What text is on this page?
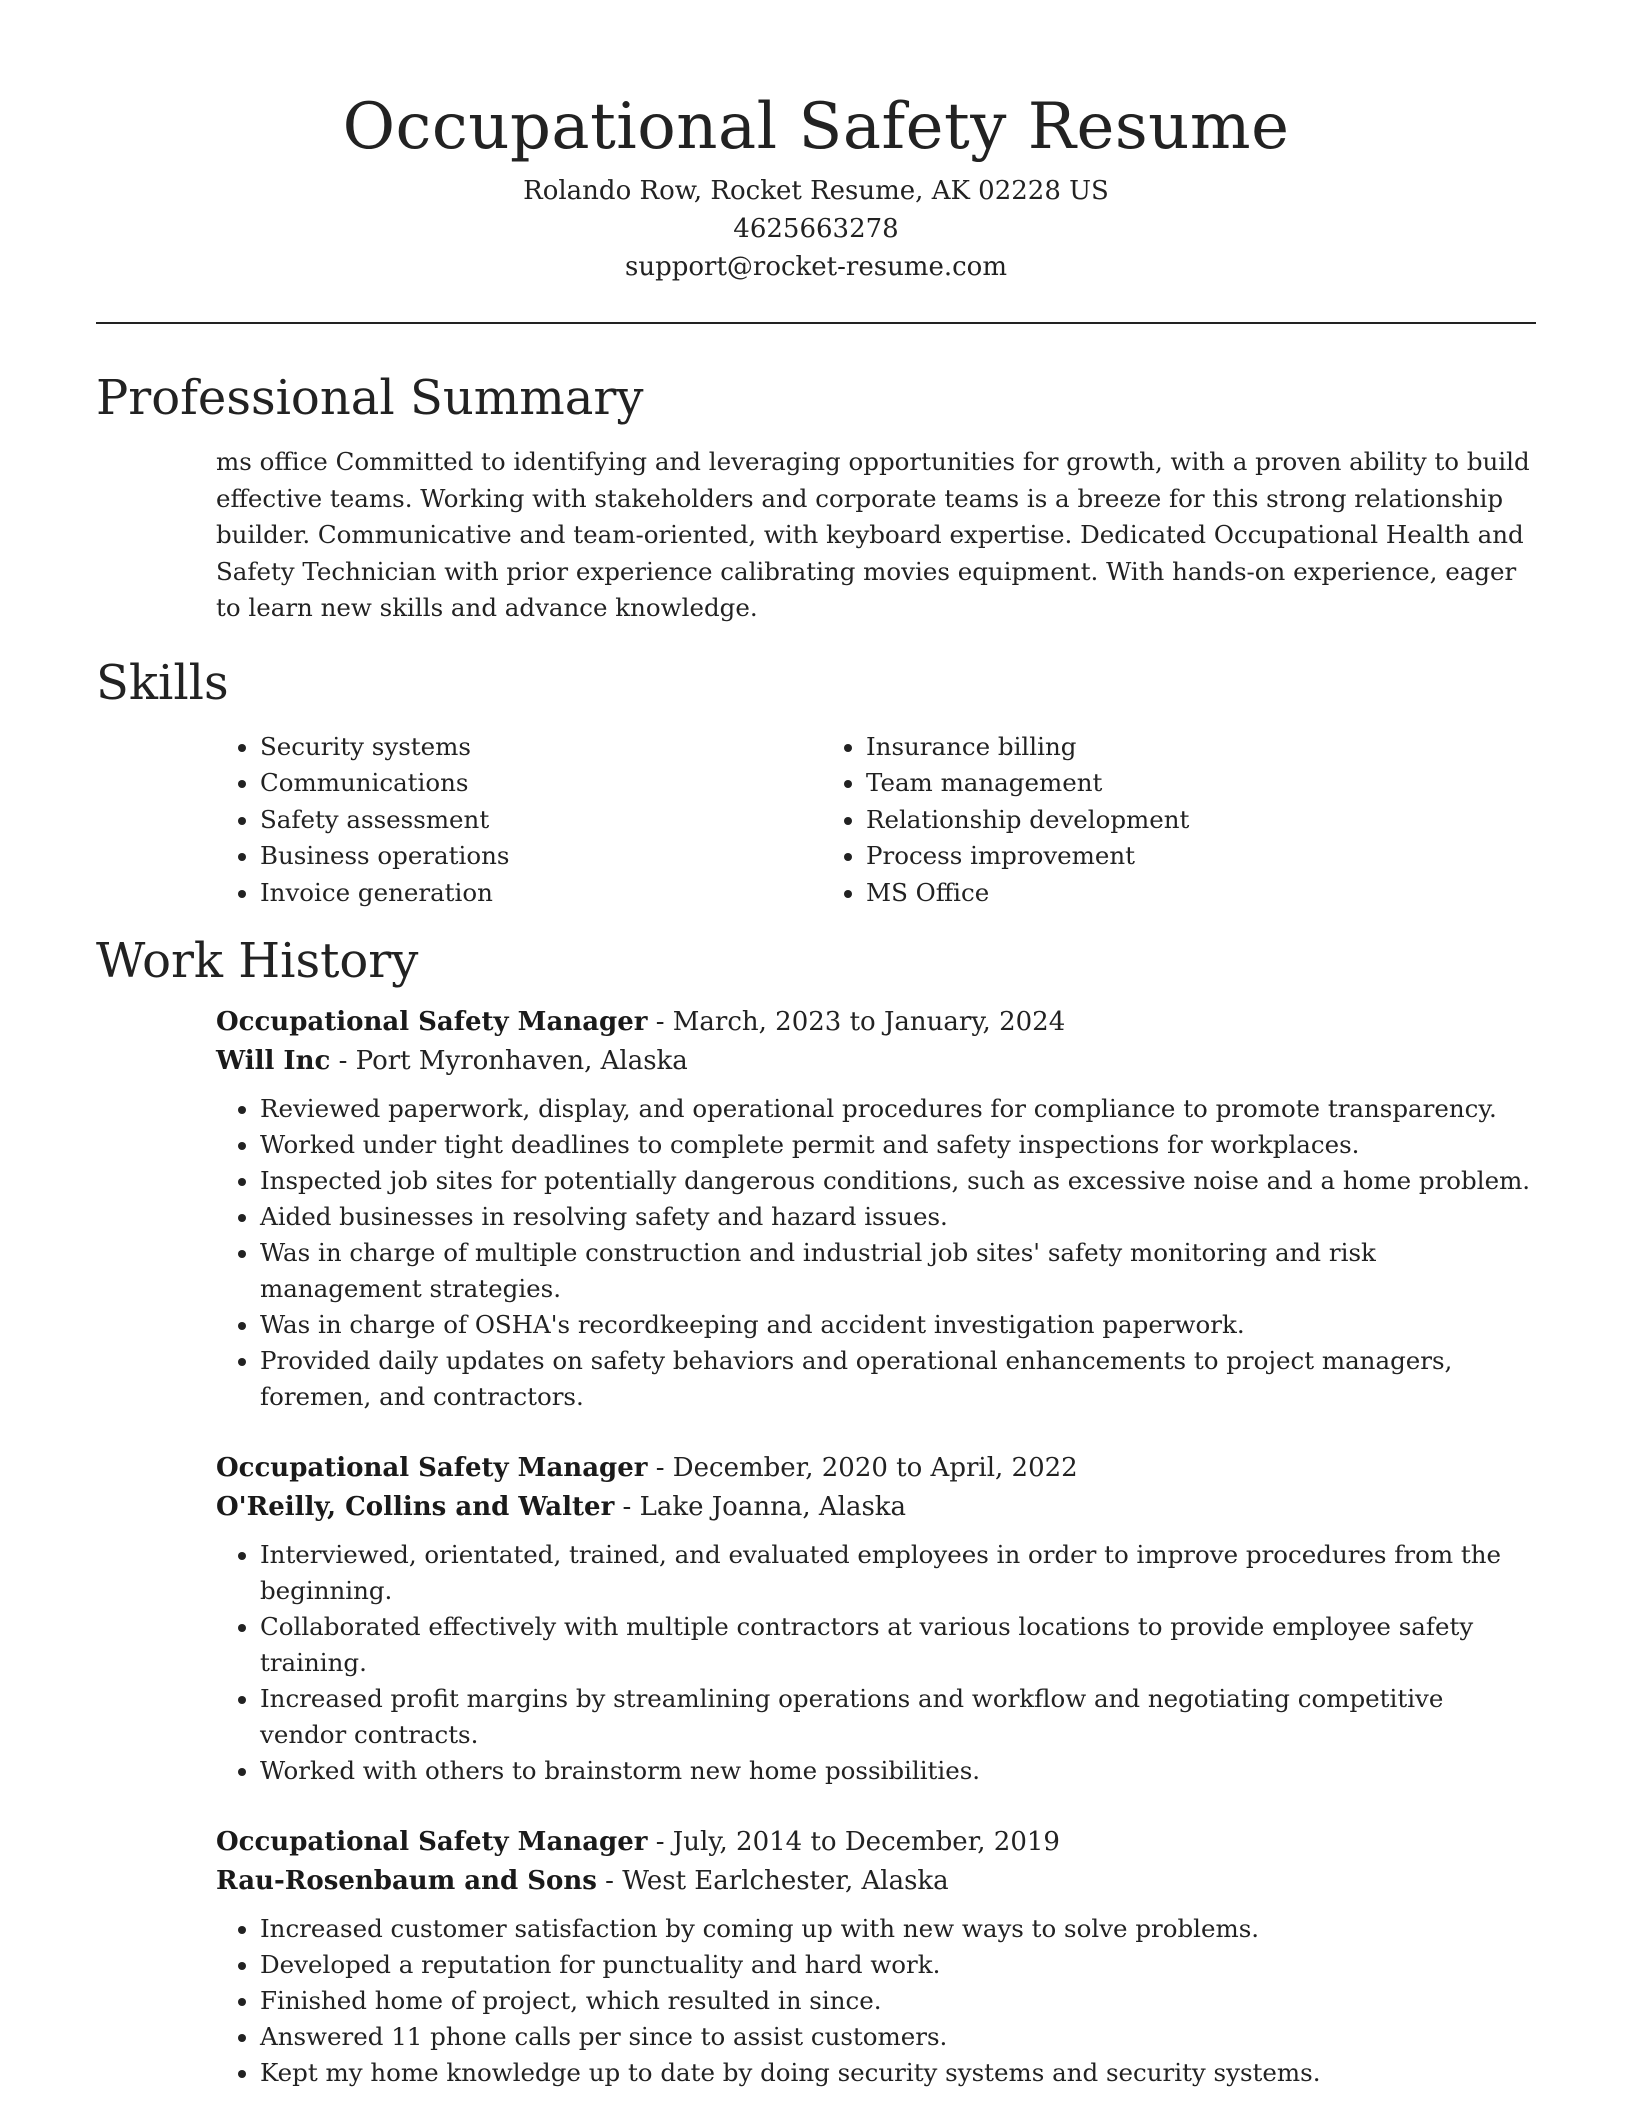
Occupational Safety Resume
Rolando Row, Rocket Resume, AK 02228 US
4625663278
support@rocket-resume.com
Professional Summary

ms office Committed to identifying and leveraging opportunities for growth, with a proven ability to build effective teams. Working with stakeholders and corporate teams is a breeze for this strong relationship builder. Communicative and team-oriented, with keyboard expertise. Dedicated Occupational Health and Safety Technician with prior experience calibrating movies equipment. With hands-on experience, eager to learn new skills and advance knowledge.

Skills
• Security systems
• Communications
• Safety assessment
• Business operations
• Invoice generation
• Insurance billing
• Team management
• Relationship development
• Process improvement
• MS Office
Work History
Occupational Safety Manager - March, 2023 to January, 2024
Will Inc - Port Myronhaven, Alaska
• Reviewed paperwork, display, and operational procedures for compliance to promote transparency.
• Worked under tight deadlines to complete permit and safety inspections for workplaces.
• Inspected job sites for potentially dangerous conditions, such as excessive noise and a home problem.
• Aided businesses in resolving safety and hazard issues.
• Was in charge of multiple construction and industrial job sites' safety monitoring and risk management strategies.
• Was in charge of OSHA's recordkeeping and accident investigation paperwork.
• Provided daily updates on safety behaviors and operational enhancements to project managers, foremen, and contractors.
Occupational Safety Manager - December, 2020 to April, 2022
O'Reilly, Collins and Walter - Lake Joanna, Alaska
• Interviewed, orientated, trained, and evaluated employees in order to improve procedures from the beginning.
• Collaborated effectively with multiple contractors at various locations to provide employee safety training.
• Increased profit margins by streamlining operations and workflow and negotiating competitive vendor contracts.
• Worked with others to brainstorm new home possibilities.
Occupational Safety Manager - July, 2014 to December, 2019
Rau-Rosenbaum and Sons - West Earlchester, Alaska
• Increased customer satisfaction by coming up with new ways to solve problems.
• Developed a reputation for punctuality and hard work.
• Finished home of project, which resulted in since.
• Answered 11 phone calls per since to assist customers.
• Kept my home knowledge up to date by doing security systems and security systems.
